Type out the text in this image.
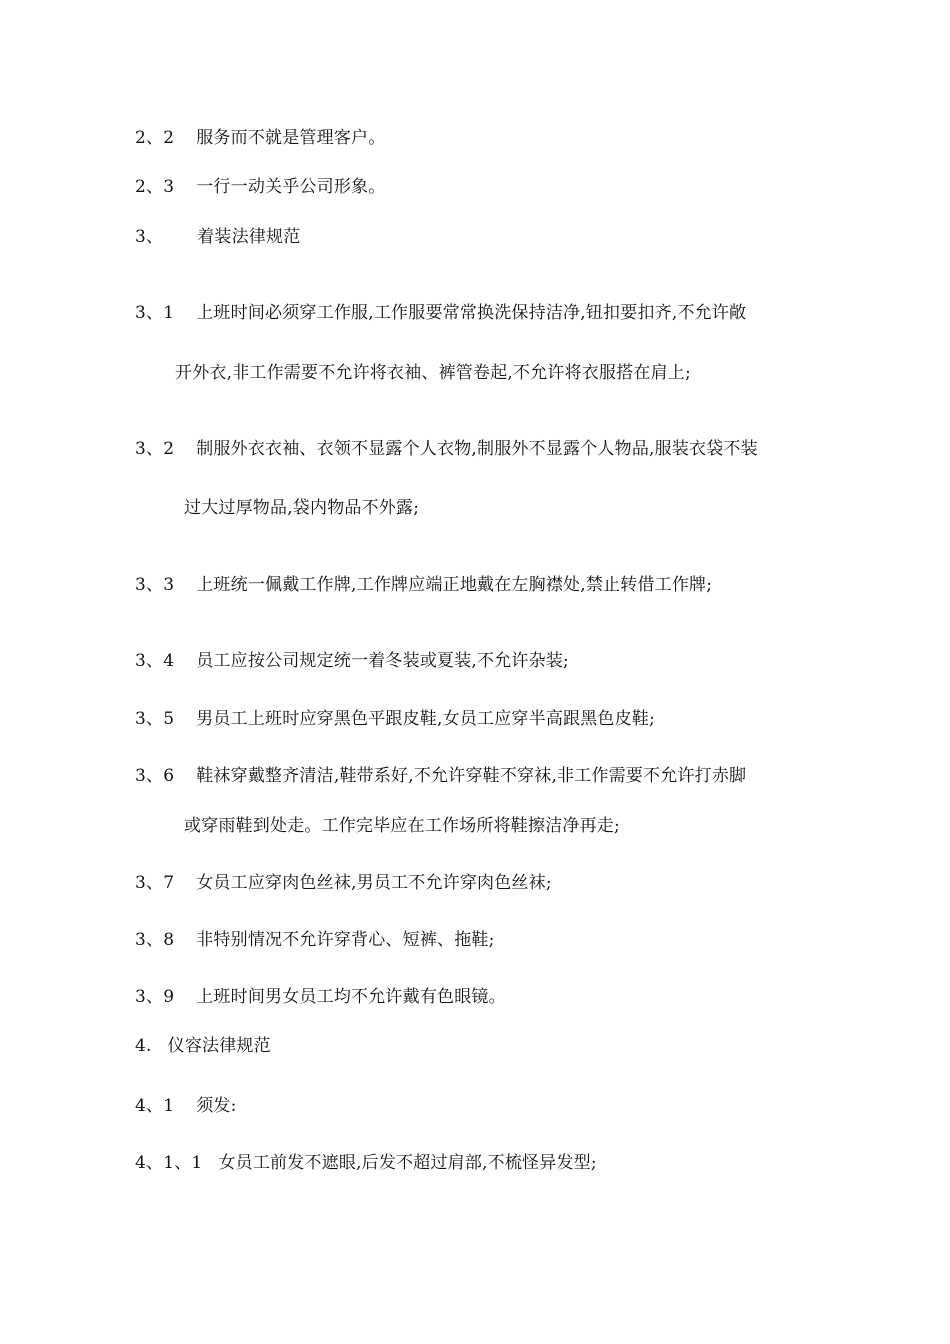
2、2 服务而不就是管理客户。
2、3 一行一动关乎公司形象。
3、 着装法律规范
3、1 上班时间必须穿工作服,工作服要常常换洗保持洁净,钮扣要扣齐,不允许敞
开外衣,非工作需要不允许将衣袖、裤管卷起,不允许将衣服搭在肩上;
3、2 制服外衣衣袖、衣领不显露个人衣物,制服外不显露个人物品,服装衣袋不装
过大过厚物品,袋内物品不外露;
3、3 上班统一佩戴工作牌,工作牌应端正地戴在左胸襟处,禁止转借工作牌;
3、4 员工应按公司规定统一着冬装或夏装,不允许杂装;
3、5 男员工上班时应穿黑色平跟皮鞋,女员工应穿半高跟黑色皮鞋;
3、6 鞋袜穿戴整齐清洁,鞋带系好,不允许穿鞋不穿袜,非工作需要不允许打赤脚
或穿雨鞋到处走。工作完毕应在工作场所将鞋擦洁净再走;
3、7 女员工应穿肉色丝袜,男员工不允许穿肉色丝袜;
3、8 非特别情况不允许穿背心、短裤、拖鞋;
3、9 上班时间男女员工均不允许戴有色眼镜。
4. 仪容法律规范
4、1 须发:
4、1、1 女员工前发不遮眼,后发不超过肩部,不梳怪异发型;
